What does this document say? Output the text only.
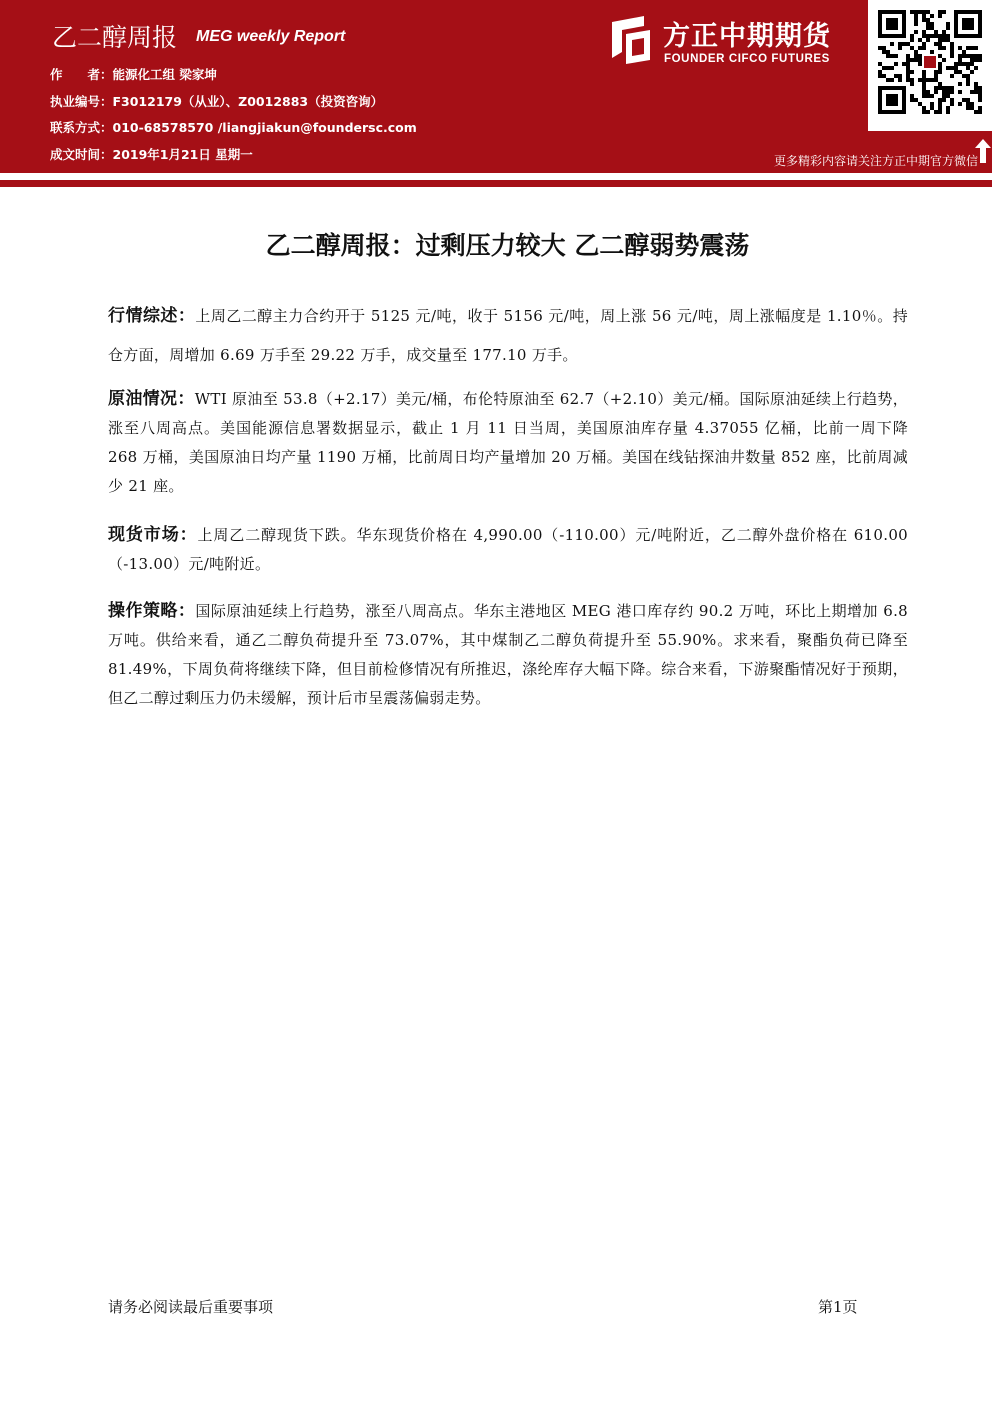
乙二醇周报 MEG weekly Report
作　　者：能源化工组 梁家坤
执业编号：F3012179（从业）、Z0012883（投资咨询）
联系方式：010-68578570 /liangjiakun@foundersc.com
成文时间：2019年1月21日 星期一
方正中期期货
FOUNDER CIFCO FUTURES
更多精彩内容请关注方正中期官方微信
乙二醇周报：过剩压力较大 乙二醇弱势震荡

行情综述：上周乙二醇主力合约开于 5125 元/吨，收于 5156 元/吨，周上涨 56 元/吨，周上涨幅度是 1.10％。持仓方面，周增加 6.69 万手至 29.22 万手，成交量至 177.10 万手。

原油情况：WTI 原油至 53.8（+2.17）美元/桶，布伦特原油至 62.7（+2.10）美元/桶。国际原油延续上行趋势，涨至八周高点。美国能源信息署数据显示，截止 1 月 11 日当周，美国原油库存量 4.37055 亿桶，比前一周下降 268 万桶，美国原油日均产量 1190 万桶，比前周日均产量增加 20 万桶。美国在线钻探油井数量 852 座，比前周减少 21 座。

现货市场：上周乙二醇现货下跌。华东现货价格在 4,990.00（-110.00）元/吨附近，乙二醇外盘价格在 610.00（-13.00）元/吨附近。

操作策略：国际原油延续上行趋势，涨至八周高点。华东主港地区 MEG 港口库存约 90.2 万吨，环比上期增加 6.8 万吨。供给来看，通乙二醇负荷提升至 73.07%，其中煤制乙二醇负荷提升至 55.90%。求来看，聚酯负荷已降至 81.49%，下周负荷将继续下降，但目前检修情况有所推迟，涤纶库存大幅下降。综合来看，下游聚酯情况好于预期，但乙二醇过剩压力仍未缓解，预计后市呈震荡偏弱走势。

请务必阅读最后重要事项	第1页
